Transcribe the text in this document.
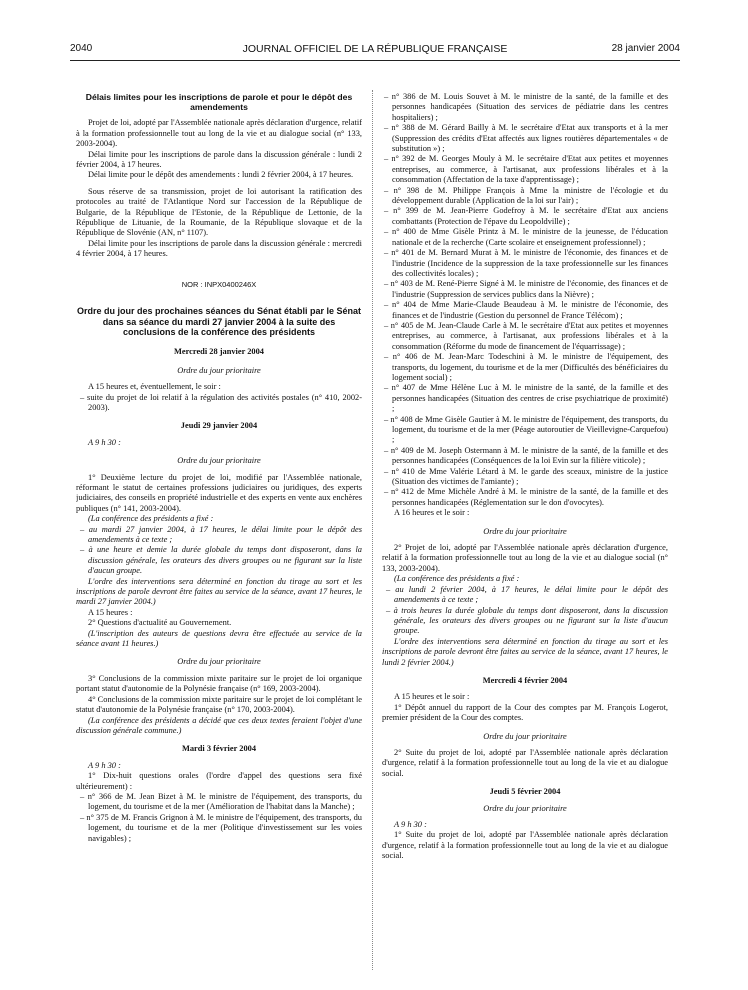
2040	JOURNAL OFFICIEL DE LA RÉPUBLIQUE FRANÇAISE	28 janvier 2004
Délais limites pour les inscriptions de parole et pour le dépôt des amendements

Projet de loi, adopté par l'Assemblée nationale après déclaration d'urgence, relatif à la formation professionnelle tout au long de la vie et au dialogue social (n° 133, 2003-2004).

Délai limite pour les inscriptions de parole dans la discussion générale : lundi 2 février 2004, à 17 heures.

Délai limite pour le dépôt des amendements : lundi 2 février 2004, à 17 heures.

Sous réserve de sa transmission, projet de loi autorisant la ratification des protocoles au traité de l'Atlantique Nord sur l'accession de la République de Bulgarie, de la République de l'Estonie, de la République de Lettonie, de la République de Lituanie, de la Roumanie, de la République slovaque et de la République de Slovénie (AN, n° 1107).

Délai limite pour les inscriptions de parole dans la discussion générale : mercredi 4 février 2004, à 17 heures.

NOR : INPX0400246X
Ordre du jour des prochaines séances du Sénat établi par le Sénat dans sa séance du mardi 27 janvier 2004 à la suite des conclusions de la conférence des présidents
Mercredi 28 janvier 2004
Ordre du jour prioritaire

A 15 heures et, éventuellement, le soir :

– suite du projet de loi relatif à la régulation des activités postales (n° 410, 2002-2003).

Jeudi 29 janvier 2004

A 9 h 30 :

Ordre du jour prioritaire

1° Deuxième lecture du projet de loi, modifié par l'Assemblée nationale, réformant le statut de certaines professions judiciaires ou juridiques, des experts judiciaires, des conseils en propriété industrielle et des experts en vente aux enchères publiques (n° 141, 2003-2004).

(La conférence des présidents a fixé :

– au mardi 27 janvier 2004, à 17 heures, le délai limite pour le dépôt des amendements à ce texte ;

– à une heure et demie la durée globale du temps dont disposeront, dans la discussion générale, les orateurs des divers groupes ou ne figurant sur la liste d'aucun groupe.

L'ordre des interventions sera déterminé en fonction du tirage au sort et les inscriptions de parole devront être faites au service de la séance, avant 17 heures, le mardi 27 janvier 2004.)

A 15 heures :

2° Questions d'actualité au Gouvernement.

(L'inscription des auteurs de questions devra être effectuée au service de la séance avant 11 heures.)

Ordre du jour prioritaire

3° Conclusions de la commission mixte paritaire sur le projet de loi organique portant statut d'autonomie de la Polynésie française (n° 169, 2003-2004).

4° Conclusions de la commission mixte paritaire sur le projet de loi complétant le statut d'autonomie de la Polynésie française (n° 170, 2003-2004).

(La conférence des présidents a décidé que ces deux textes feraient l'objet d'une discussion générale commune.)

Mardi 3 février 2004

A 9 h 30 :

1° Dix-huit questions orales (l'ordre d'appel des questions sera fixé ultérieurement) :

– n° 366 de M. Jean Bizet à M. le ministre de l'équipement, des transports, du logement, du tourisme et de la mer (Amélioration de l'habitat dans la Manche) ;

– n° 375 de M. Francis Grignon à M. le ministre de l'équipement, des transports, du logement, du tourisme et de la mer (Politique d'investissement sur les voies navigables) ;

– n° 386 de M. Louis Souvet à M. le ministre de la santé, de la famille et des personnes handicapées (Situation des services de pédiatrie dans les centres hospitaliers) ;

– n° 388 de M. Gérard Bailly à M. le secrétaire d'Etat aux transports et à la mer (Suppression des crédits d'Etat affectés aux lignes routières départementales « de substitution ») ;

– n° 392 de M. Georges Mouly à M. le secrétaire d'Etat aux petites et moyennes entreprises, au commerce, à l'artisanat, aux professions libérales et à la consommation (Affectation de la taxe d'apprentissage) ;

– n° 398 de M. Philippe François à Mme la ministre de l'écologie et du développement durable (Application de la loi sur l'air) ;

– n° 399 de M. Jean-Pierre Godefroy à M. le secrétaire d'Etat aux anciens combattants (Protection de l'épave du Leopoldville) ;

– n° 400 de Mme Gisèle Printz à M. le ministre de la jeunesse, de l'éducation nationale et de la recherche (Carte scolaire et enseignement professionnel) ;

– n° 401 de M. Bernard Murat à M. le ministre de l'économie, des finances et de l'industrie (Incidence de la suppression de la taxe professionnelle sur les finances des collectivités locales) ;

– n° 403 de M. René-Pierre Signé à M. le ministre de l'économie, des finances et de l'industrie (Suppression de services publics dans la Nièvre) ;

– n° 404 de Mme Marie-Claude Beaudeau à M. le ministre de l'économie, des finances et de l'industrie (Gestion du personnel de France Télécom) ;

– n° 405 de M. Jean-Claude Carle à M. le secrétaire d'Etat aux petites et moyennes entreprises, au commerce, à l'artisanat, aux professions libérales et à la consommation (Réforme du mode de financement de l'équarrissage) ;

– n° 406 de M. Jean-Marc Todeschini à M. le ministre de l'équipement, des transports, du logement, du tourisme et de la mer (Difficultés des bénéficiaires du logement social) ;

– n° 407 de Mme Hélène Luc à M. le ministre de la santé, de la famille et des personnes handicapées (Situation des centres de crise psychiatrique de proximité) ;

– n° 408 de Mme Gisèle Gautier à M. le ministre de l'équipement, des transports, du logement, du tourisme et de la mer (Péage autoroutier de Vieillevigne-Carquefou) ;

– n° 409 de M. Joseph Ostermann à M. le ministre de la santé, de la famille et des personnes handicapées (Conséquences de la loi Evin sur la filière viticole) ;

– n° 410 de Mme Valérie Létard à M. le garde des sceaux, ministre de la justice (Situation des victimes de l'amiante) ;

– n° 412 de Mme Michèle André à M. le ministre de la santé, de la famille et des personnes handicapées (Réglementation sur le don d'ovocytes).

A 16 heures et le soir :

Ordre du jour prioritaire

2° Projet de loi, adopté par l'Assemblée nationale après déclaration d'urgence, relatif à la formation professionnelle tout au long de la vie et au dialogue social (n° 133, 2003-2004).

(La conférence des présidents a fixé :

– au lundi 2 février 2004, à 17 heures, le délai limite pour le dépôt des amendements à ce texte ;

– à trois heures la durée globale du temps dont disposeront, dans la discussion générale, les orateurs des divers groupes ou ne figurant sur la liste d'aucun groupe.

L'ordre des interventions sera déterminé en fonction du tirage au sort et les inscriptions de parole devront être faites au service de la séance, avant 17 heures, le lundi 2 février 2004.)

Mercredi 4 février 2004

A 15 heures et le soir :

1° Dépôt annuel du rapport de la Cour des comptes par M. François Logerot, premier président de la Cour des comptes.

Ordre du jour prioritaire

2° Suite du projet de loi, adopté par l'Assemblée nationale après déclaration d'urgence, relatif à la formation professionnelle tout au long de la vie et au dialogue social.

Jeudi 5 février 2004
Ordre du jour prioritaire

A 9 h 30 :

1° Suite du projet de loi, adopté par l'Assemblée nationale après déclaration d'urgence, relatif à la formation professionnelle tout au long de la vie et au dialogue social.
